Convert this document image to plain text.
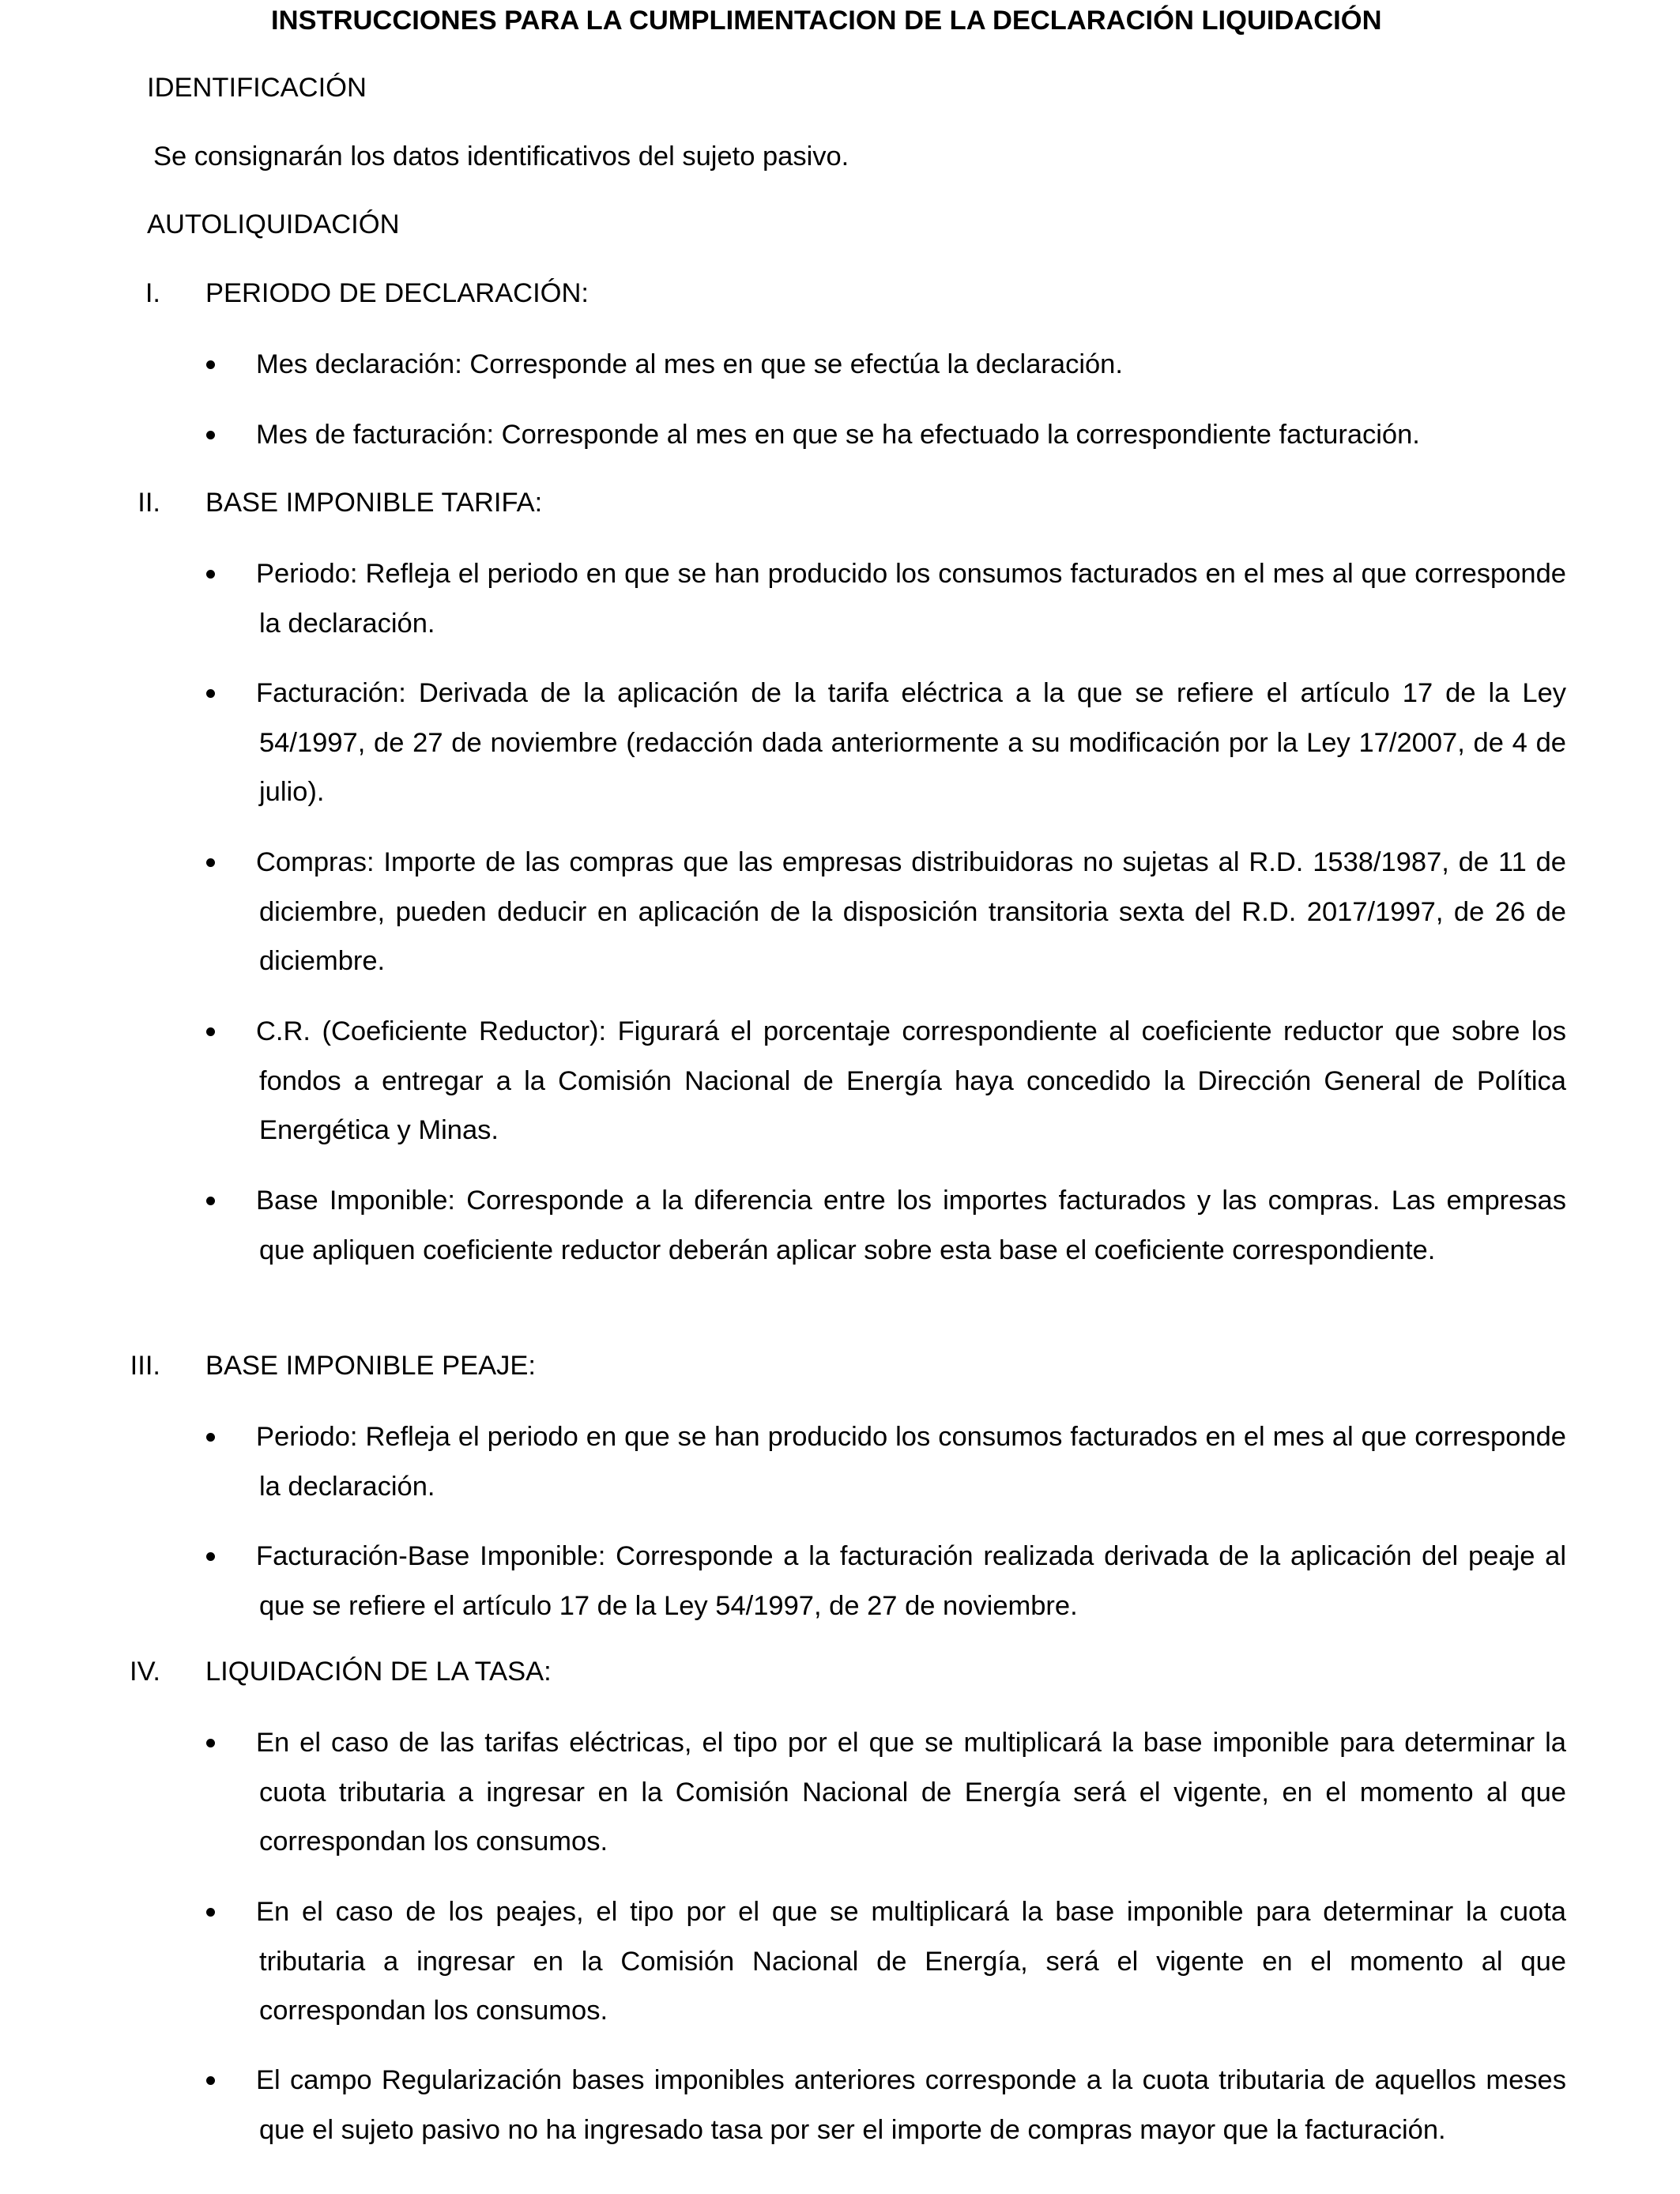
INSTRUCCIONES PARA LA CUMPLIMENTACION DE LA DECLARACIÓN LIQUIDACIÓN
IDENTIFICACIÓN
Se consignarán los datos identificativos del sujeto pasivo.
AUTOLIQUIDACIÓN
I. PERIODO DE DECLARACIÓN:
Mes declaración: Corresponde al mes en que se efectúa la declaración.
Mes de facturación: Corresponde al mes en que se ha efectuado la correspondiente facturación.
II. BASE IMPONIBLE TARIFA:
Periodo: Refleja el periodo en que se han producido los consumos facturados en el mes al que corresponde la declaración.
Facturación: Derivada de la aplicación de la tarifa eléctrica a la que se refiere el artículo 17 de la Ley 54/1997, de 27 de noviembre (redacción dada anteriormente a su modificación por la Ley 17/2007, de 4 de julio).
Compras: Importe de las compras que las empresas distribuidoras no sujetas al R.D. 1538/1987, de 11 de diciembre, pueden deducir en aplicación de la disposición transitoria sexta del R.D. 2017/1997, de 26 de diciembre.
C.R. (Coeficiente Reductor): Figurará el porcentaje correspondiente al coeficiente reductor que sobre los fondos a entregar a la Comisión Nacional de Energía haya concedido la Dirección General de Política Energética y Minas.
Base Imponible: Corresponde a la diferencia entre los importes facturados y las compras. Las empresas que apliquen coeficiente reductor deberán aplicar sobre esta base el coeficiente correspondiente.
III. BASE IMPONIBLE PEAJE:
Periodo: Refleja el periodo en que se han producido los consumos facturados en el mes al que corresponde la declaración.
Facturación-Base Imponible: Corresponde a la facturación realizada derivada de la aplicación del peaje al que se refiere el artículo 17 de la Ley 54/1997, de 27 de noviembre.
IV. LIQUIDACIÓN DE LA TASA:
En el caso de las tarifas eléctricas, el tipo por el que se multiplicará la base imponible para determinar la cuota tributaria a ingresar en la Comisión Nacional de Energía será el vigente, en el momento al que correspondan los consumos.
En el caso de los peajes, el tipo por el que se multiplicará la base imponible para determinar la cuota tributaria a ingresar en la Comisión Nacional de Energía, será el vigente en el momento al que correspondan los consumos.
El campo Regularización bases imponibles anteriores corresponde a la cuota tributaria de aquellos meses que el sujeto pasivo no ha ingresado tasa por ser el importe de compras mayor que la facturación.
